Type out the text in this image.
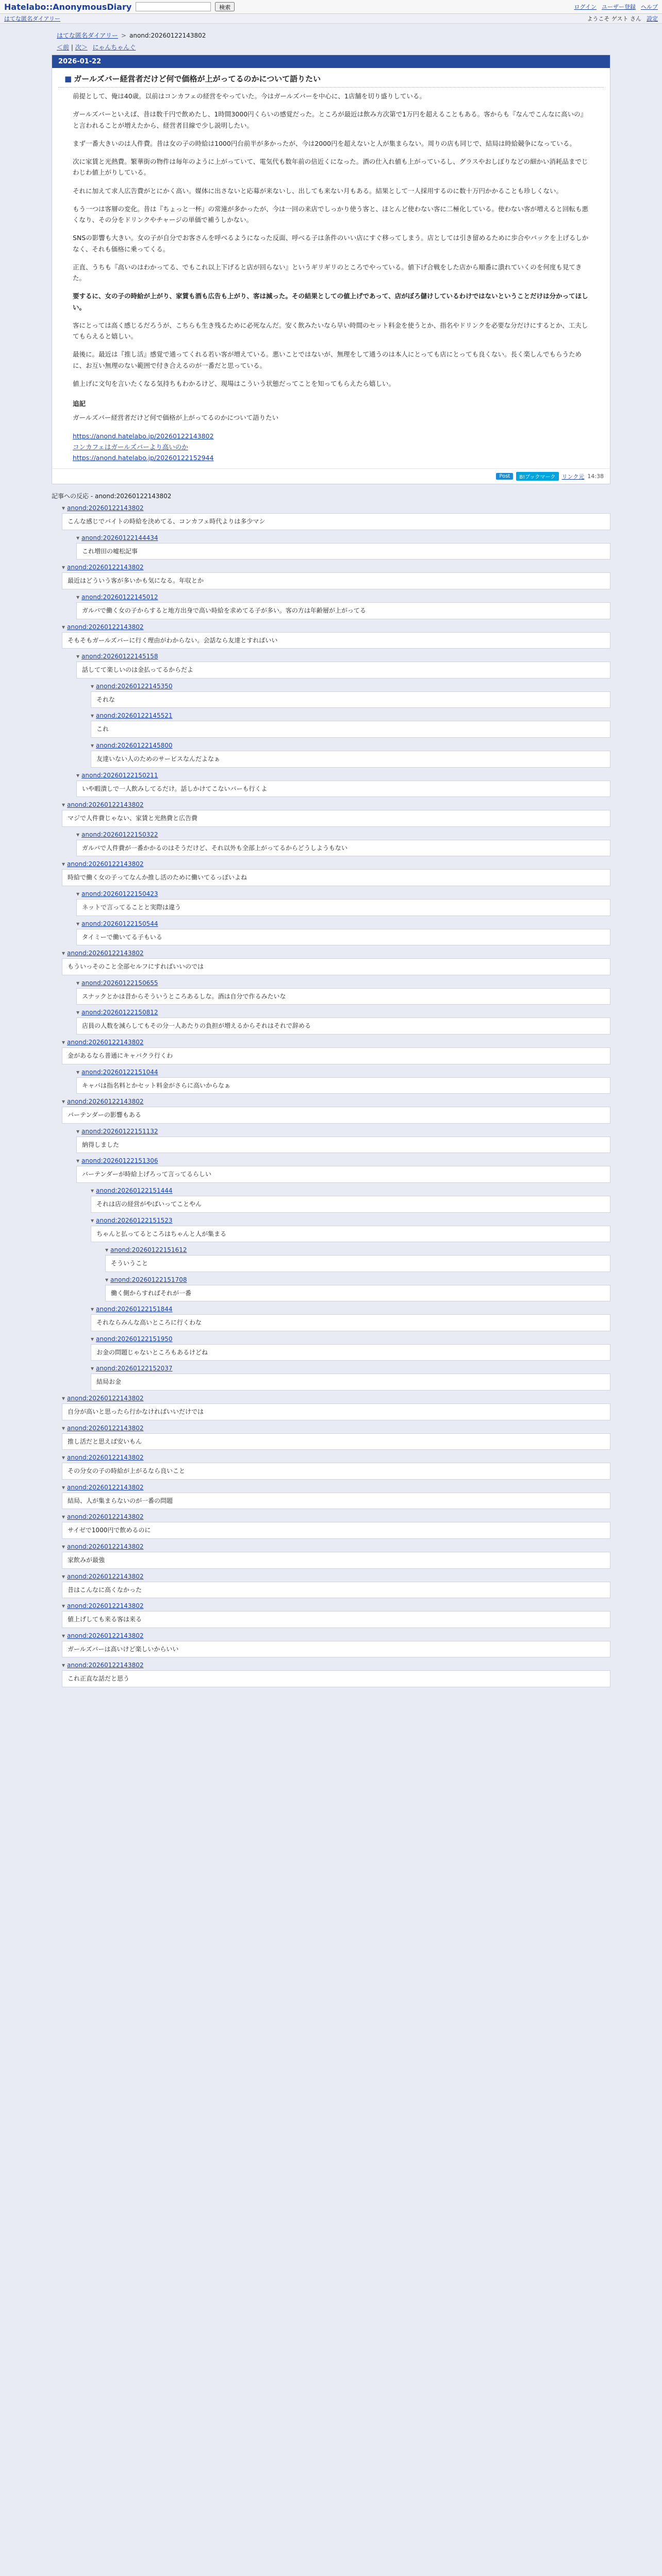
Hatelabo::AnonymousDiary	検索	ログイン ユーザー登録 ヘルプ
はてな匿名ダイアリー	ようこそ ゲスト さん 設定
はてな匿名ダイアリー > anond:20260122143802
＜前 | 次＞ にゃんちゃんぐ
2026-01-22
■ ガールズバー経営者だけど何で価格が上がってるのかについて語りたい

前提として、俺は40歳。以前はコンカフェの経営をやっていた。今はガールズバーを中心に、1店舗を切り盛りしている。

ガールズバーといえば、昔は数千円で飲めたし、1時間3000円くらいの感覚だった。ところが最近は飲み方次第で1万円を超えることもある。客からも『なんでこんなに高いの』と言われることが増えたから、経営者目線で少し説明したい。

まず一番大きいのは人件費。昔は女の子の時給は1000円台前半が多かったが、今は2000円を超えないと人が集まらない。周りの店も同じで、結局は時給競争になっている。

次に家賃と光熱費。繁華街の物件は毎年のように上がっていて、電気代も数年前の倍近くになった。酒の仕入れ値も上がっているし、グラスやおしぼりなどの細かい消耗品までじわじわ値上がりしている。

それに加えて求人広告費がとにかく高い。媒体に出さないと応募が来ないし、出しても来ない月もある。結果として一人採用するのに数十万円かかることも珍しくない。

もう一つは客層の変化。昔は『ちょっと一杯』の常連が多かったが、今は一回の来店でしっかり使う客と、ほとんど使わない客に二極化している。使わない客が増えると回転も悪くなり、その分をドリンクやチャージの単価で補うしかない。

SNSの影響も大きい。女の子が自分でお客さんを呼べるようになった反面、呼べる子は条件のいい店にすぐ移ってしまう。店としては引き留めるために歩合やバックを上げるしかなく、それも価格に乗ってくる。

正直、うちも『高いのはわかってる、でもこれ以上下げると店が回らない』というギリギリのところでやっている。値下げ合戦をした店から順番に潰れていくのを何度も見てきた。

要するに、女の子の時給が上がり、家賃も酒も広告も上がり、客は減った。その結果としての値上げであって、店がぼろ儲けしているわけではないということだけは分かってほしい。

客にとっては高く感じるだろうが、こちらも生き残るために必死なんだ。安く飲みたいなら早い時間のセット料金を使うとか、指名やドリンクを必要な分だけにするとか、工夫してもらえると嬉しい。

最後に。最近は『推し活』感覚で通ってくれる若い客が増えている。悪いことではないが、無理をして通うのは本人にとっても店にとっても良くない。長く楽しんでもらうために、お互い無理のない範囲で付き合えるのが一番だと思っている。

値上げに文句を言いたくなる気持ちもわかるけど、現場はこういう状態だってことを知ってもらえたら嬉しい。

追記

ガールズバー経営者だけど何で価格が上がってるのかについて語りたい

https://anond.hatelabo.jp/20260122143802
コンカフェはガールズバーより高いのか
https://anond.hatelabo.jp/20260122152944
Post	B!ブックマーク	リンク元 14:38
記事への反応 - anond:20260122143802
▾ anond:20260122143802
こんな感じでバイトの時給を決めてる、コンカフェ時代よりは多少マシ
▾ anond:20260122144434
これ増田の嘘松記事
▾ anond:20260122143802
最近はどういう客が多いかも気になる。年収とか
▾ anond:20260122145012
ガルバで働く女の子からすると地方出身で高い時給を求めてる子が多い。客の方は年齢層が上がってる
▾ anond:20260122143802
そもそもガールズバーに行く理由がわからない。会話なら友達とすればいい
▾ anond:20260122145158
話してて楽しいのは金払ってるからだよ
▾ anond:20260122145350
それな
▾ anond:20260122145521
これ
▾ anond:20260122145800
友達いない人のためのサービスなんだよなぁ
▾ anond:20260122150211
いや暇潰しで一人飲みしてるだけ。話しかけてこないバーも行くよ
▾ anond:20260122143802
マジで人件費じゃない、家賃と光熱費と広告費
▾ anond:20260122150322
ガルバで人件費が一番かかるのはそうだけど、それ以外も全部上がってるからどうしようもない
▾ anond:20260122143802
時給で働く女の子ってなんか推し活のために働いてるっぽいよね
▾ anond:20260122150423
ネットで言ってることと実際は違う
▾ anond:20260122150544
タイミーで働いてる子もいる
▾ anond:20260122143802
もういっそのこと全部セルフにすればいいのでは
▾ anond:20260122150655
スナックとかは昔からそういうところあるしな。酒は自分で作るみたいな
▾ anond:20260122150812
店員の人数を減らしてもその分一人あたりの負担が増えるからそれはそれで辞める
▾ anond:20260122143802
金があるなら普通にキャバクラ行くわ
▾ anond:20260122151044
キャバは指名料とかセット料金がさらに高いからなぁ
▾ anond:20260122143802
バーテンダーの影響もある
▾ anond:20260122151132
納得しました
▾ anond:20260122151306
バーテンダーが時給上げろって言ってるらしい
▾ anond:20260122151444
それは店の経営がやばいってことやん
▾ anond:20260122151523
ちゃんと払ってるところはちゃんと人が集まる
▾ anond:20260122151612
そういうこと
▾ anond:20260122151708
働く側からすればそれが一番
▾ anond:20260122151844
それならみんな高いところに行くわな
▾ anond:20260122151950
お金の問題じゃないところもあるけどね
▾ anond:20260122152037
結局お金
▾ anond:20260122143802
自分が高いと思ったら行かなければいいだけでは
▾ anond:20260122143802
推し活だと思えば安いもん
▾ anond:20260122143802
その分女の子の時給が上がるなら良いこと
▾ anond:20260122143802
結局、人が集まらないのが一番の問題
▾ anond:20260122143802
サイゼで1000円で飲めるのに
▾ anond:20260122143802
家飲みが最強
▾ anond:20260122143802
昔はこんなに高くなかった
▾ anond:20260122143802
値上げしても来る客は来る
▾ anond:20260122143802
ガールズバーは高いけど楽しいからいい
▾ anond:20260122143802
これ正直な話だと思う
